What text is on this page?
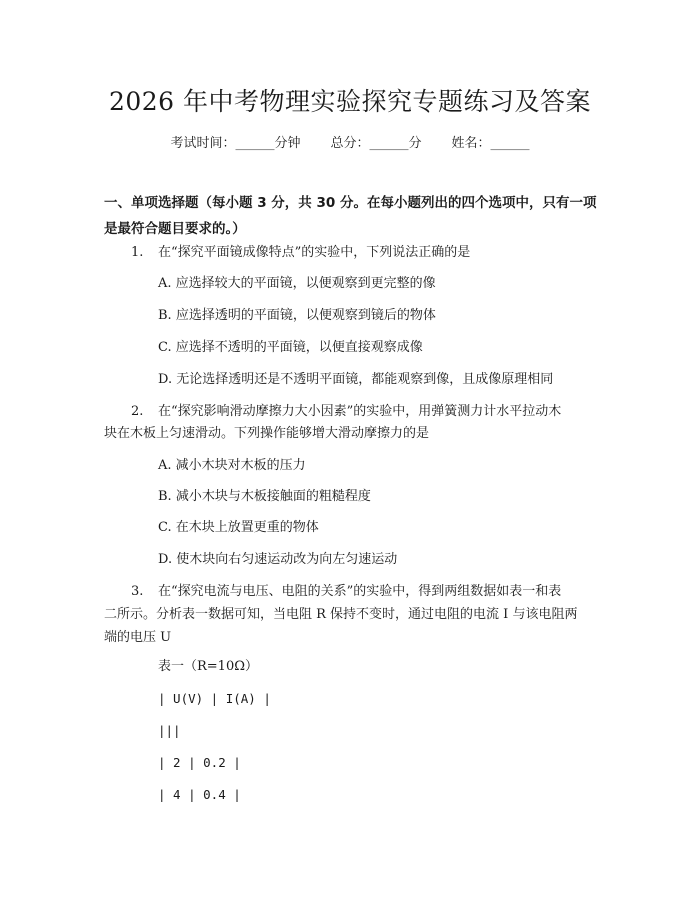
2026 年中考物理实验探究专题练习及答案
考试时间：______分钟 总分：______分 姓名：______
一、单项选择题（每小题 3 分，共 30 分。在每小题列出的四个选项中，只有一项
是最符合题目要求的。）
1. 在“探究平面镜成像特点”的实验中，下列说法正确的是
A. 应选择较大的平面镜，以便观察到更完整的像
B. 应选择透明的平面镜，以便观察到镜后的物体
C. 应选择不透明的平面镜，以便直接观察成像
D. 无论选择透明还是不透明平面镜，都能观察到像，且成像原理相同
2. 在“探究影响滑动摩擦力大小因素”的实验中，用弹簧测力计水平拉动木
块在木板上匀速滑动。下列操作能够增大滑动摩擦力的是
A. 减小木块对木板的压力
B. 减小木块与木板接触面的粗糙程度
C. 在木块上放置更重的物体
D. 使木块向右匀速运动改为向左匀速运动
3. 在“探究电流与电压、电阻的关系”的实验中，得到两组数据如表一和表
二所示。分析表一数据可知，当电阻 R 保持不变时，通过电阻的电流 I 与该电阻两
端的电压 U
表一（R=10Ω）
| U(V) | I(A) |
|||
| 2 | 0.2 |
| 4 | 0.4 |
